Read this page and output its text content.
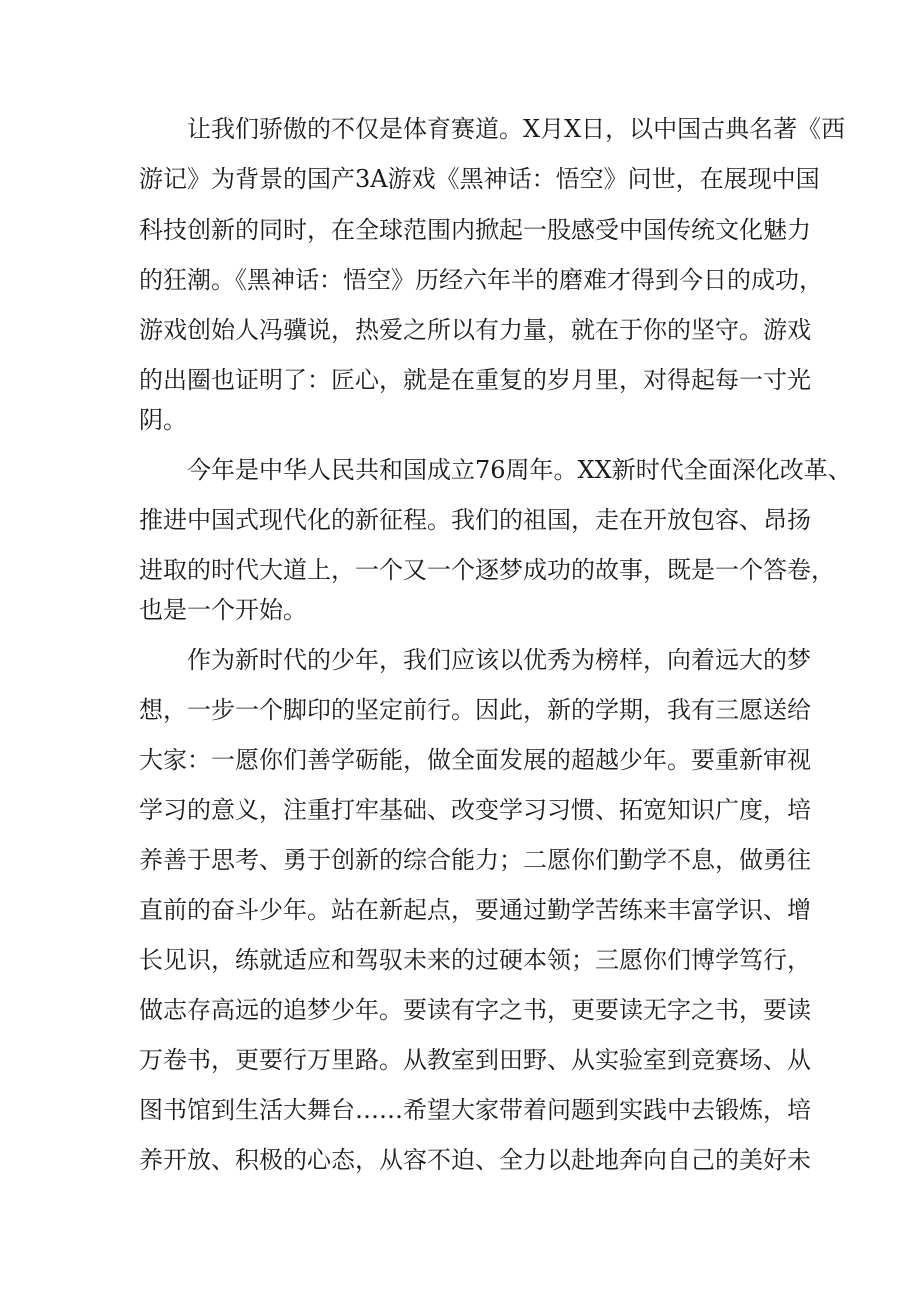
让我们骄傲的不仅是体育赛道。X月X日，以中国古典名著《西
游记》为背景的国产3A游戏《黑神话：悟空》问世，在展现中国
科技创新的同时，在全球范围内掀起一股感受中国传统文化魅力
的狂潮。《黑神话：悟空》历经六年半的磨难才得到今日的成功，
游戏创始人冯骥说，热爱之所以有力量，就在于你的坚守。游戏
的出圈也证明了：匠心，就是在重复的岁月里，对得起每一寸光
阴。
今年是中华人民共和国成立76周年。XX新时代全面深化改革、
推进中国式现代化的新征程。我们的祖国，走在开放包容、昂扬
进取的时代大道上，一个又一个逐梦成功的故事，既是一个答卷，
也是一个开始。
作为新时代的少年，我们应该以优秀为榜样，向着远大的梦
想，一步一个脚印的坚定前行。因此，新的学期，我有三愿送给
大家：一愿你们善学砺能，做全面发展的超越少年。要重新审视
学习的意义，注重打牢基础、改变学习习惯、拓宽知识广度，培
养善于思考、勇于创新的综合能力；二愿你们勤学不息，做勇往
直前的奋斗少年。站在新起点，要通过勤学苦练来丰富学识、增
长见识，练就适应和驾驭未来的过硬本领；三愿你们博学笃行，
做志存高远的追梦少年。要读有字之书，更要读无字之书，要读
万卷书，更要行万里路。从教室到田野、从实验室到竞赛场、从
图书馆到生活大舞台……希望大家带着问题到实践中去锻炼，培
养开放、积极的心态，从容不迫、全力以赴地奔向自己的美好未
